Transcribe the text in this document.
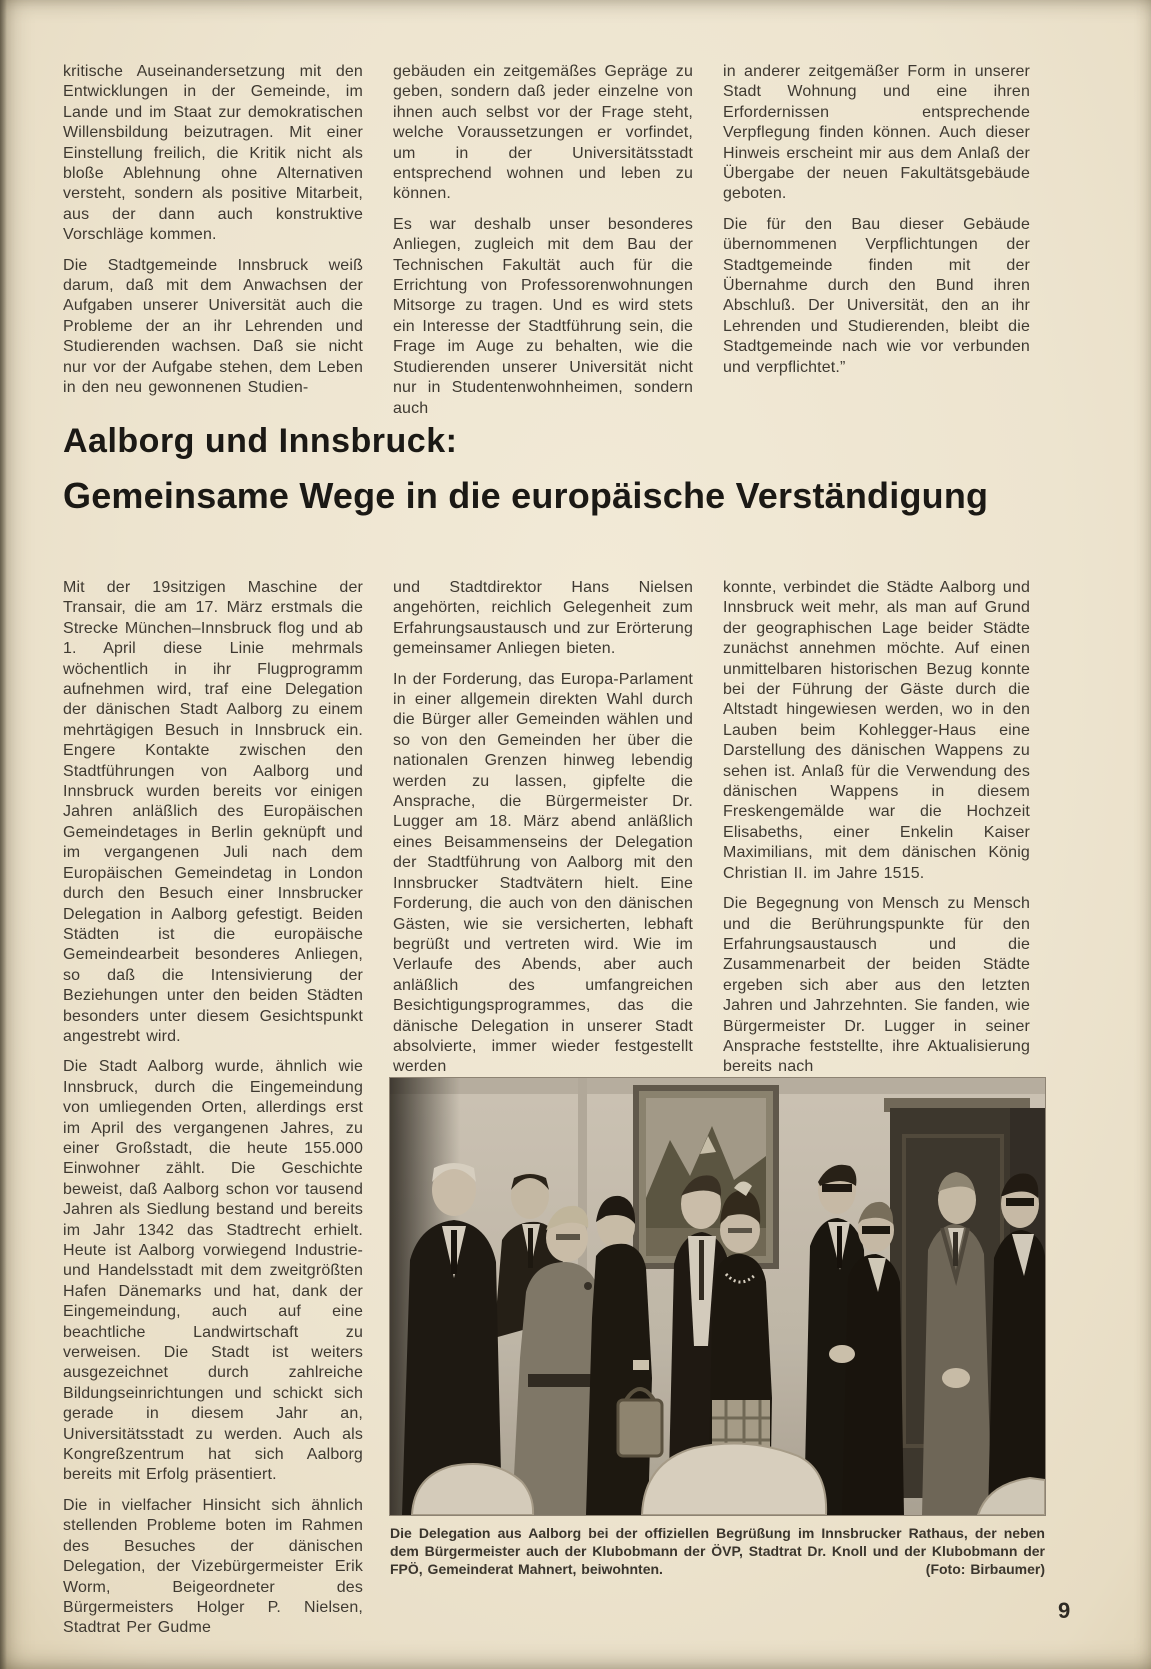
kritische Auseinandersetzung mit den Entwicklungen in der Gemeinde, im Lande und im Staat zur demokratischen Willensbildung beizutragen. Mit einer Einstellung freilich, die Kritik nicht als bloße Ablehnung ohne Alternativen versteht, sondern als positive Mitarbeit, aus der dann auch konstruktive Vorschläge kommen.

Die Stadtgemeinde Innsbruck weiß darum, daß mit dem Anwachsen der Aufgaben unserer Universität auch die Probleme der an ihr Lehrenden und Studierenden wachsen. Daß sie nicht nur vor der Aufgabe stehen, dem Leben in den neu gewonnenen Studien-

gebäuden ein zeitgemäßes Gepräge zu geben, sondern daß jeder einzelne von ihnen auch selbst vor der Frage steht, welche Voraussetzungen er vorfindet, um in der Universitätsstadt entsprechend wohnen und leben zu können.

Es war deshalb unser besonderes Anliegen, zugleich mit dem Bau der Technischen Fakultät auch für die Errichtung von Professorenwohnungen Mitsorge zu tragen. Und es wird stets ein Interesse der Stadtführung sein, die Frage im Auge zu behalten, wie die Studierenden unserer Universität nicht nur in Studentenwohnheimen, sondern auch

in anderer zeitgemäßer Form in unserer Stadt Wohnung und eine ihren Erfordernissen entsprechende Verpflegung finden können. Auch dieser Hinweis erscheint mir aus dem Anlaß der Übergabe der neuen Fakultätsgebäude geboten.

Die für den Bau dieser Gebäude übernommenen Verpflichtungen der Stadtgemeinde finden mit der Übernahme durch den Bund ihren Abschluß. Der Universität, den an ihr Lehrenden und Studierenden, bleibt die Stadtgemeinde nach wie vor verbunden und verpflichtet.”

Aalborg und Innsbruck:
Gemeinsame Wege in die europäische Verständigung

Mit der 19sitzigen Maschine der Transair, die am 17. März erstmals die Strecke München–Innsbruck flog und ab 1. April diese Linie mehrmals wöchentlich in ihr Flugprogramm aufnehmen wird, traf eine Delegation der dänischen Stadt Aalborg zu einem mehrtägigen Besuch in Innsbruck ein. Engere Kontakte zwischen den Stadtführungen von Aalborg und Innsbruck wurden bereits vor einigen Jahren anläßlich des Europäischen Gemeindetages in Berlin geknüpft und im vergangenen Juli nach dem Europäischen Gemeindetag in London durch den Besuch einer Innsbrucker Delegation in Aalborg gefestigt. Beiden Städten ist die europäische Gemeindearbeit besonderes Anliegen, so daß die Intensivierung der Beziehungen unter den beiden Städten besonders unter diesem Gesichtspunkt angestrebt wird.

Die Stadt Aalborg wurde, ähnlich wie Innsbruck, durch die Eingemeindung von umliegenden Orten, allerdings erst im April des vergangenen Jahres, zu einer Großstadt, die heute 155.000 Einwohner zählt. Die Geschichte beweist, daß Aalborg schon vor tausend Jahren als Siedlung bestand und bereits im Jahr 1342 das Stadtrecht erhielt. Heute ist Aalborg vorwiegend Industrie- und Handelsstadt mit dem zweitgrößten Hafen Dänemarks und hat, dank der Eingemeindung, auch auf eine beachtliche Landwirtschaft zu verweisen. Die Stadt ist weiters ausgezeichnet durch zahlreiche Bildungseinrichtungen und schickt sich gerade in diesem Jahr an, Universitätsstadt zu werden. Auch als Kongreßzentrum hat sich Aalborg bereits mit Erfolg präsentiert.

Die in vielfacher Hinsicht sich ähnlich stellenden Probleme boten im Rahmen des Besuches der dänischen Delegation, der Vizebürgermeister Erik Worm, Beigeordneter des Bürgermeisters Holger P. Nielsen, Stadtrat Per Gudme

und Stadtdirektor Hans Nielsen angehörten, reichlich Gelegenheit zum Erfahrungsaustausch und zur Erörterung gemeinsamer Anliegen bieten.

In der Forderung, das Europa-Parlament in einer allgemein direkten Wahl durch die Bürger aller Gemeinden wählen und so von den Gemeinden her über die nationalen Grenzen hinweg lebendig werden zu lassen, gipfelte die Ansprache, die Bürgermeister Dr. Lugger am 18. März abend anläßlich eines Beisammenseins der Delegation der Stadtführung von Aalborg mit den Innsbrucker Stadtvätern hielt. Eine Forderung, die auch von den dänischen Gästen, wie sie versicherten, lebhaft begrüßt und vertreten wird. Wie im Verlaufe des Abends, aber auch anläßlich des umfangreichen Besichtigungsprogrammes, das die dänische Delegation in unserer Stadt absolvierte, immer wieder festgestellt werden

konnte, verbindet die Städte Aalborg und Innsbruck weit mehr, als man auf Grund der geographischen Lage beider Städte zunächst annehmen möchte. Auf einen unmittelbaren historischen Bezug konnte bei der Führung der Gäste durch die Altstadt hingewiesen werden, wo in den Lauben beim Kohlegger-Haus eine Darstellung des dänischen Wappens zu sehen ist. Anlaß für die Verwendung des dänischen Wappens in diesem Freskengemälde war die Hochzeit Elisabeths, einer Enkelin Kaiser Maximilians, mit dem dänischen König Christian II. im Jahre 1515.

Die Begegnung von Mensch zu Mensch und die Berührungspunkte für den Erfahrungsaustausch und die Zusammenarbeit der beiden Städte ergeben sich aber aus den letzten Jahren und Jahrzehnten. Sie fanden, wie Bürgermeister Dr. Lugger in seiner Ansprache feststellte, ihre Aktualisierung bereits nach

Die Delegation aus Aalborg bei der offiziellen Begrüßung im Innsbrucker Rathaus, der neben dem Bürgermeister auch der Klubobmann der ÖVP, Stadtrat Dr. Knoll und der Klubobmann der FPÖ, Gemeinderat Mahnert, beiwohnten.	(Foto: Birbaumer)

9
